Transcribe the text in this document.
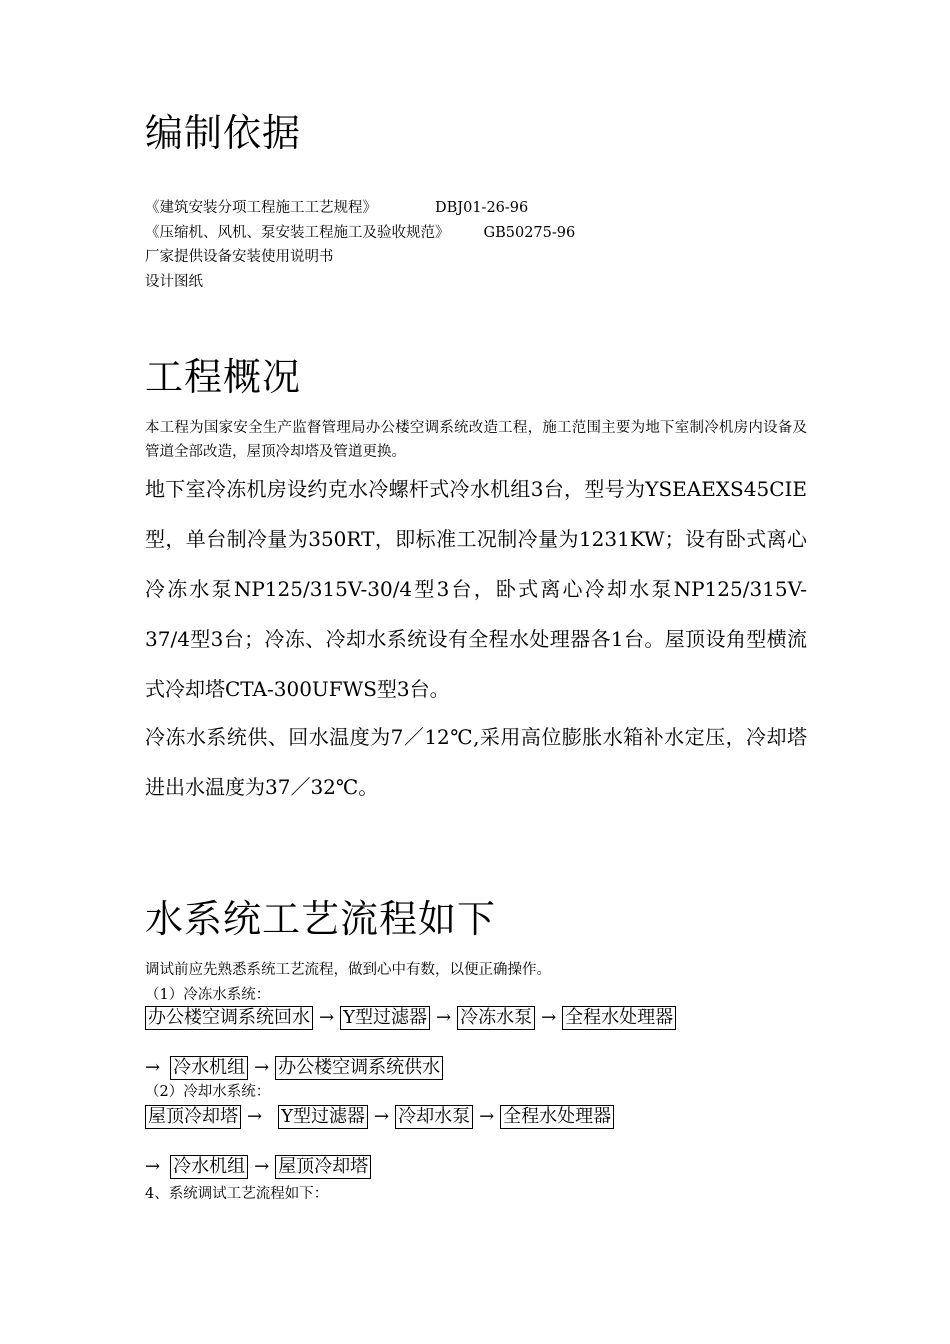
编制依据
《建筑安装分项工程施工工艺规程》	DBJ01-26-96
《压缩机、风机、泵安装工程施工及验收规范》 GB50275-96
厂家提供设备安装使用说明书
设计图纸
工程概况

本工程为国家安全生产监督管理局办公楼空调系统改造工程，施工范围主要为地下室制冷机房内设备及管道全部改造，屋顶冷却塔及管道更换。

地下室冷冻机房设约克水冷螺杆式冷水机组3台，型号为YSEAEXS45CIE型，单台制冷量为350RT，即标准工况制冷量为1231KW；设有卧式离心冷冻水泵NP125/315V-30/4型3台，卧式离心冷却水泵NP125/315V-37/4型3台；冷冻、冷却水系统设有全程水处理器各1台。屋顶设角型横流式冷却塔CTA-300UFWS型3台。

冷冻水系统供、回水温度为7／12℃,采用高位膨胀水箱补水定压，冷却塔进出水温度为37／32℃。

水系统工艺流程如下
调试前应先熟悉系统工艺流程，做到心中有数，以便正确操作。
（1）冷冻水系统：
办公楼空调系统回水 → Y型过滤器 → 冷冻水泵 → 全程水处理器
→ 冷水机组 → 办公楼空调系统供水
（2）冷却水系统：
屋顶冷却塔 → Y型过滤器 → 冷却水泵 → 全程水处理器
→ 冷水机组 → 屋顶冷却塔
4、系统调试工艺流程如下：
